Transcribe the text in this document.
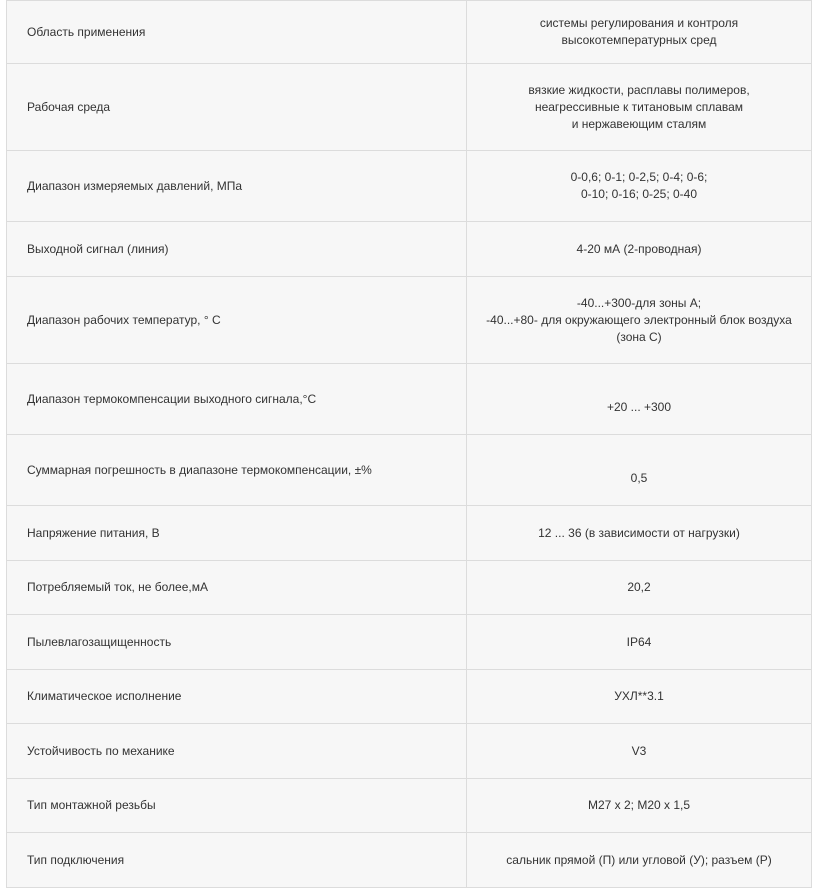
Область применения	системы регулирования и контроля
высокотемпературных сред

Рабочая среда	вязкие жидкости, расплавы полимеров,
неагрессивные к титановым сплавам
и нержавеющим сталям

Диапазон измеряемых давлений, МПа	0-0,6; 0-1; 0-2,5; 0-4; 0-6;
0-10; 0-16; 0-25; 0-40

Выходной сигнал (линия)	4-20 мА (2-проводная)

Диапазон рабочих температур, ° С	-40...+300-для зоны А;
-40...+80- для окружающего электронный блок воздуха
(зона С)

Диапазон термокомпенсации выходного сигнала,°С	+20 ... +300

Суммарная погрешность в диапазоне термокомпенсации, ±%	0,5

Напряжение питания, В	12 ... 36 (в зависимости от нагрузки)

Потребляемый ток, не более,мА	20,2

Пылевлагозащищенность	IP64

Климатическое исполнение	УХЛ**3.1

Устойчивость по механике	V3

Тип монтажной резьбы	М27 х 2; М20 х 1,5

Тип подключения	сальник прямой (П) или угловой (У); разъем (Р)
